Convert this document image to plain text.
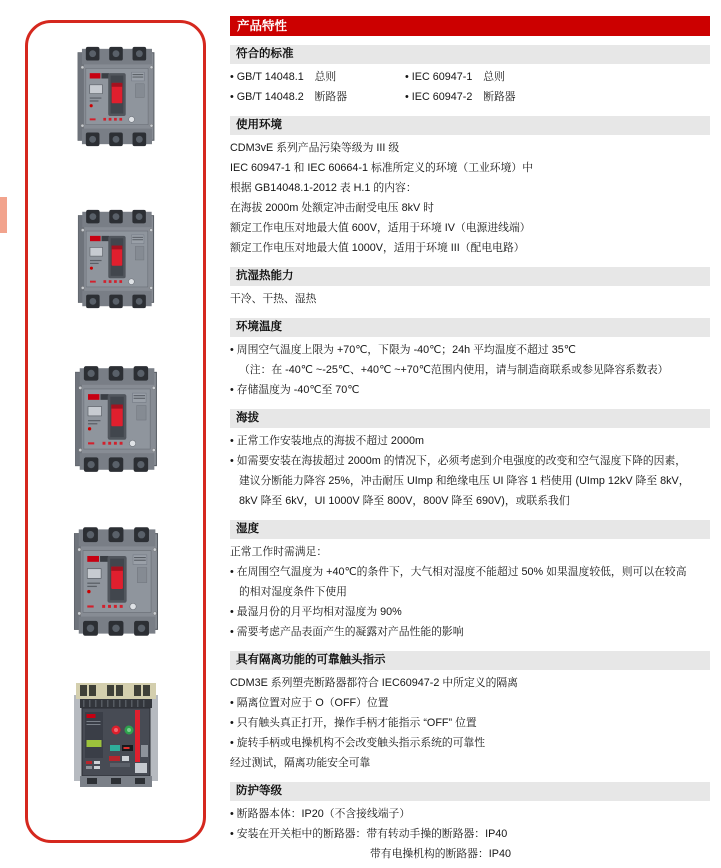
产品特性
符合的标准
• GB/T 14048.1　总则	• IEC 60947-1　总则
• GB/T 14048.2　断路器	• IEC 60947-2　断路器
使用环境
CDM3vE 系列产品污染等级为 III 级
IEC 60947-1 和 IEC 60664-1 标准所定义的环境（工业环境）中
根据 GB14048.1-2012 表 H.1 的内容：
在海拔 2000m 处额定冲击耐受电压 8kV 时
额定工作电压对地最大值 600V，适用于环境 IV（电源进线端）
额定工作电压对地最大值 1000V，适用于环境 III（配电电路）
抗湿热能力
干冷、干热、湿热
环境温度
• 周围空气温度上限为 +70℃，下限为 -40℃；24h 平均温度不超过 35℃
（注：在 -40℃ ~-25℃、+40℃ ~+70℃范围内使用，请与制造商联系或参见降容系数表）
• 存储温度为 -40℃至 70℃
海拔
• 正常工作安装地点的海拔不超过 2000m
• 如需要安装在海拔超过 2000m 的情况下，必须考虑到介电强度的改变和空气湿度下降的因素，
建议分断能力降容 25%，冲击耐压 UImp 和绝缘电压 UI 降容 1 档使用 (UImp 12kV 降至 8kV，
8kV 降至 6kV，UI 1000V 降至 800V，800V 降至 690V)，或联系我们
湿度
正常工作时需满足：
• 在周围空气温度为 +40℃的条件下，大气相对湿度不能超过 50% 如果温度较低，则可以在较高
的相对湿度条件下使用
• 最湿月份的月平均相对湿度为 90%
• 需要考虑产品表面产生的凝露对产品性能的影响
具有隔离功能的可靠触头指示
CDM3E 系列塑壳断路器都符合 IEC60947-2 中所定义的隔离
• 隔离位置对应于 O（OFF）位置
• 只有触头真正打开，操作手柄才能指示 “OFF” 位置
• 旋转手柄或电操机构不会改变触头指示系统的可靠性
经过测试，隔离功能安全可靠
防护等级
• 断路器本体：IP20（不含接线端子）
• 安装在开关柜中的断路器：带有转动手操的断路器：IP40
带有电操机构的断路器：IP40
